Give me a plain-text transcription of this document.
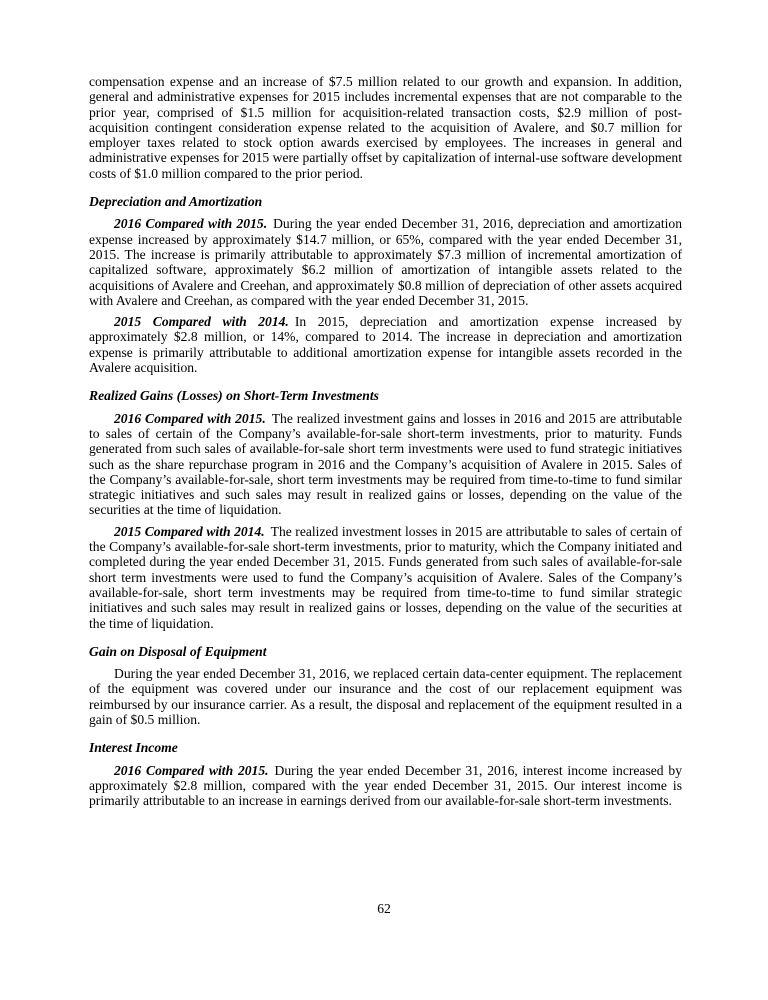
compensation expense and an increase of $7.5 million related to our growth and expansion. In addition, general and administrative expenses for 2015 includes incremental expenses that are not comparable to the prior year, comprised of $1.5 million for acquisition-related transaction costs, $2.9 million of post-acquisition contingent consideration expense related to the acquisition of Avalere, and $0.7 million for employer taxes related to stock option awards exercised by employees. The increases in general and administrative expenses for 2015 were partially offset by capitalization of internal-use software development costs of $1.0 million compared to the prior period.

Depreciation and Amortization

2016 Compared with 2015. During the year ended December 31, 2016, depreciation and amortization expense increased by approximately $14.7 million, or 65%, compared with the year ended December 31, 2015. The increase is primarily attributable to approximately $7.3 million of incremental amortization of capitalized software, approximately $6.2 million of amortization of intangible assets related to the acquisitions of Avalere and Creehan, and approximately $0.8 million of depreciation of other assets acquired with Avalere and Creehan, as compared with the year ended December 31, 2015.

2015 Compared with 2014. In 2015, depreciation and amortization expense increased by approximately $2.8 million, or 14%, compared to 2014. The increase in depreciation and amortization expense is primarily attributable to additional amortization expense for intangible assets recorded in the Avalere acquisition.

Realized Gains (Losses) on Short-Term Investments

2016 Compared with 2015. The realized investment gains and losses in 2016 and 2015 are attributable to sales of certain of the Company’s available-for-sale short-term investments, prior to maturity. Funds generated from such sales of available-for-sale short term investments were used to fund strategic initiatives such as the share repurchase program in 2016 and the Company’s acquisition of Avalere in 2015. Sales of the Company’s available-for-sale, short term investments may be required from time-to-time to fund similar strategic initiatives and such sales may result in realized gains or losses, depending on the value of the securities at the time of liquidation.

2015 Compared with 2014. The realized investment losses in 2015 are attributable to sales of certain of the Company’s available-for-sale short-term investments, prior to maturity, which the Company initiated and completed during the year ended December 31, 2015. Funds generated from such sales of available-for-sale short term investments were used to fund the Company’s acquisition of Avalere. Sales of the Company’s available-for-sale, short term investments may be required from time-to-time to fund similar strategic initiatives and such sales may result in realized gains or losses, depending on the value of the securities at the time of liquidation.

Gain on Disposal of Equipment

During the year ended December 31, 2016, we replaced certain data-center equipment. The replacement of the equipment was covered under our insurance and the cost of our replacement equipment was reimbursed by our insurance carrier. As a result, the disposal and replacement of the equipment resulted in a gain of $0.5 million.

Interest Income

2016 Compared with 2015. During the year ended December 31, 2016, interest income increased by approximately $2.8 million, compared with the year ended December 31, 2015. Our interest income is primarily attributable to an increase in earnings derived from our available-for-sale short-term investments.

62
